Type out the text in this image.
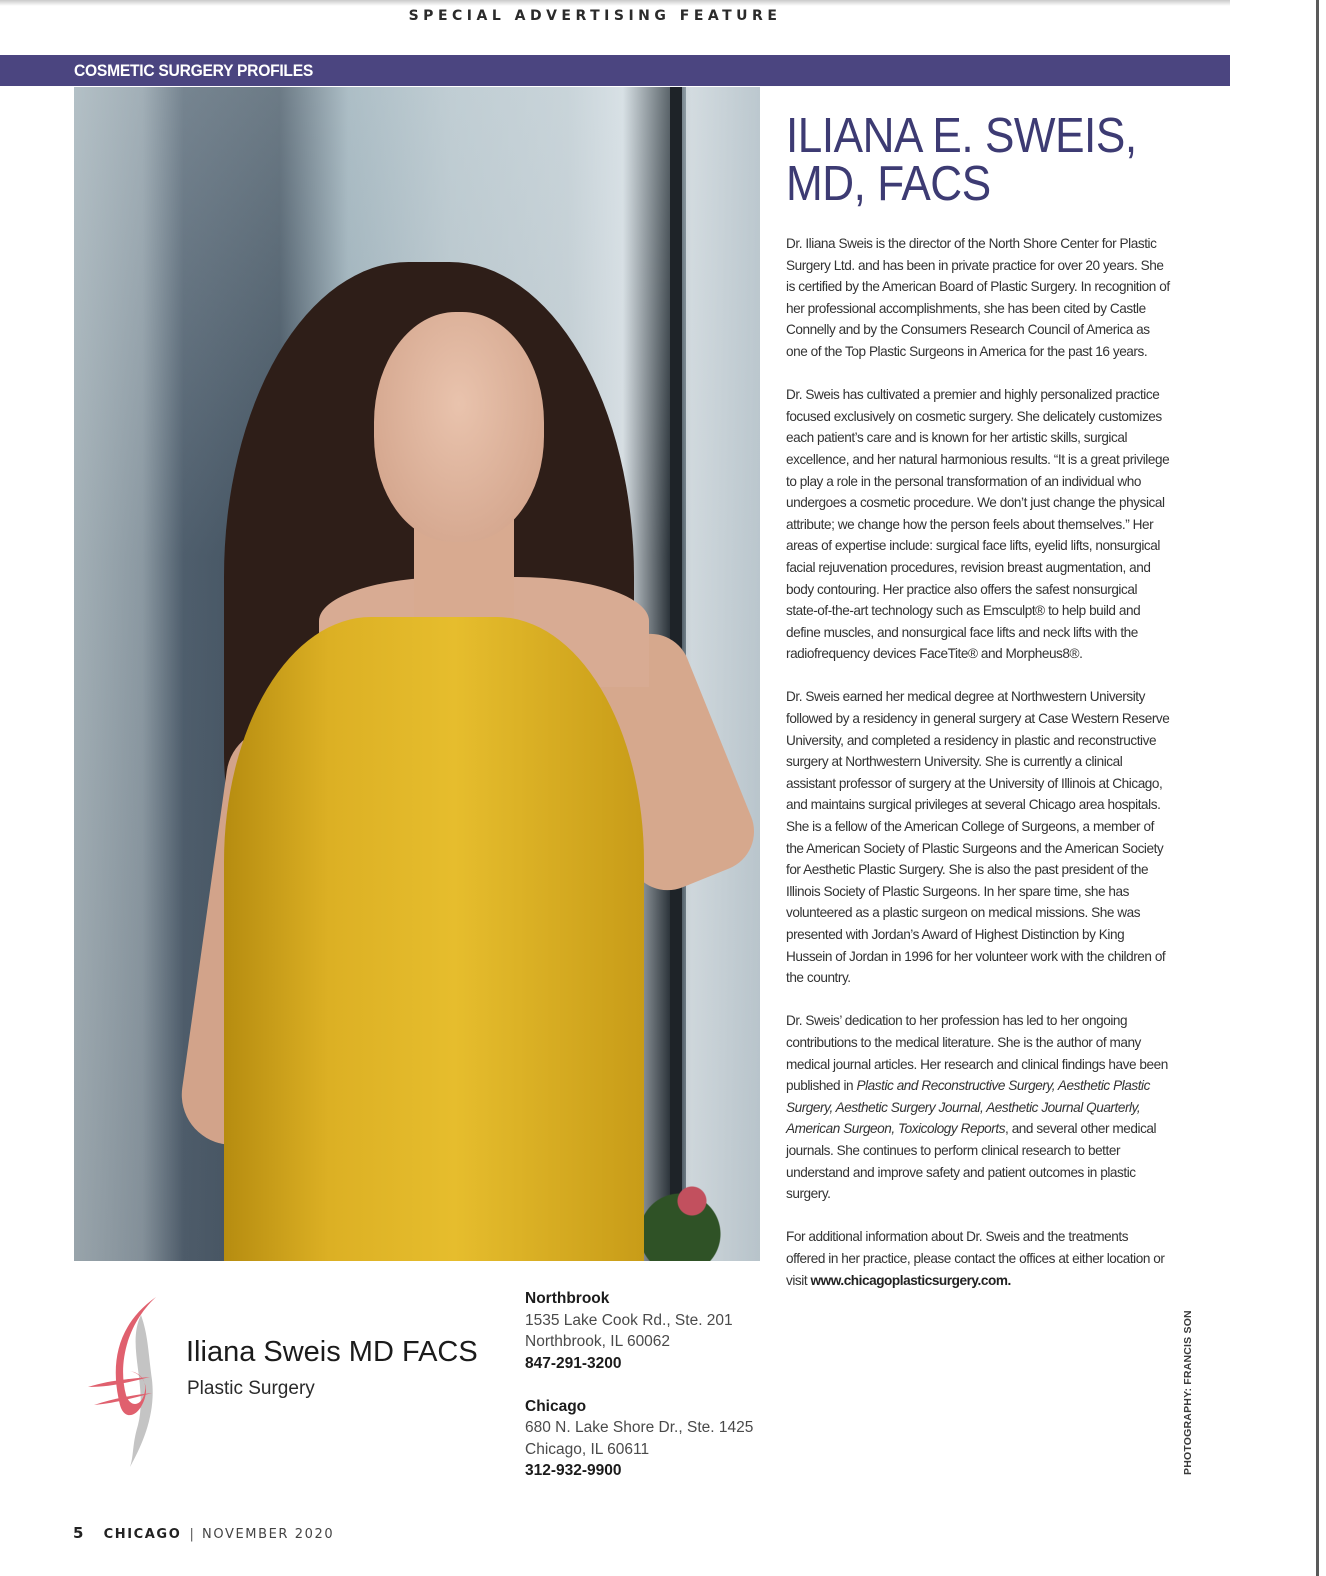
SPECIAL ADVERTISING FEATURE
COSMETIC SURGERY PROFILES
ILIANA E. SWEIS,
MD, FACS

Dr. Iliana Sweis is the director of the North Shore Center for Plastic Surgery Ltd. and has been in private practice for over 20 years. She is certified by the American Board of Plastic Surgery. In recognition of her professional accomplishments, she has been cited by Castle Connelly and by the Consumers Research Council of America as one of the Top Plastic Surgeons in America for the past 16 years.

Dr. Sweis has cultivated a premier and highly personalized practice focused exclusively on cosmetic surgery. She delicately customizes each patient’s care and is known for her artistic skills, surgical excellence, and her natural harmonious results. “It is a great privilege to play a role in the personal transformation of an individual who undergoes a cosmetic procedure. We don’t just change the physical attribute; we change how the person feels about themselves.” Her areas of expertise include: surgical face lifts, eyelid lifts, nonsurgical facial rejuvenation procedures, revision breast augmentation, and body contouring. Her practice also offers the safest nonsurgical state-of-the-art technology such as Emsculpt® to help build and define muscles, and nonsurgical face lifts and neck lifts with the radiofrequency devices FaceTite® and Morpheus8®.

Dr. Sweis earned her medical degree at Northwestern University followed by a residency in general surgery at Case Western Reserve University, and completed a residency in plastic and reconstructive surgery at Northwestern University. She is currently a clinical assistant professor of surgery at the University of Illinois at Chicago, and maintains surgical privileges at several Chicago area hospitals. She is a fellow of the American College of Surgeons, a member of the American Society of Plastic Surgeons and the American Society for Aesthetic Plastic Surgery. She is also the past president of the Illinois Society of Plastic Surgeons. In her spare time, she has volunteered as a plastic surgeon on medical missions. She was presented with Jordan’s Award of Highest Distinction by King Hussein of Jordan in 1996 for her volunteer work with the children of the country.

Dr. Sweis’ dedication to her profession has led to her ongoing contributions to the medical literature. She is the author of many medical journal articles. Her research and clinical findings have been published in Plastic and Reconstructive Surgery, Aesthetic Plastic Surgery, Aesthetic Surgery Journal, Aesthetic Journal Quarterly, American Surgeon, Toxicology Reports, and several other medical journals. She continues to perform clinical research to better understand and improve safety and patient outcomes in plastic surgery.

For additional information about Dr. Sweis and the treatments offered in her practice, please contact the offices at either location or visit www.chicagoplasticsurgery.com.

PHOTOGRAPHY: FRANCIS SON
Iliana Sweis MD FACS
Plastic Surgery
Northbrook
1535 Lake Cook Rd., Ste. 201
Northbrook, IL 60062
847-291-3200
Chicago
680 N. Lake Shore Dr., Ste. 1425
Chicago, IL 60611
312-932-9900
5 CHICAGO | NOVEMBER 2020
